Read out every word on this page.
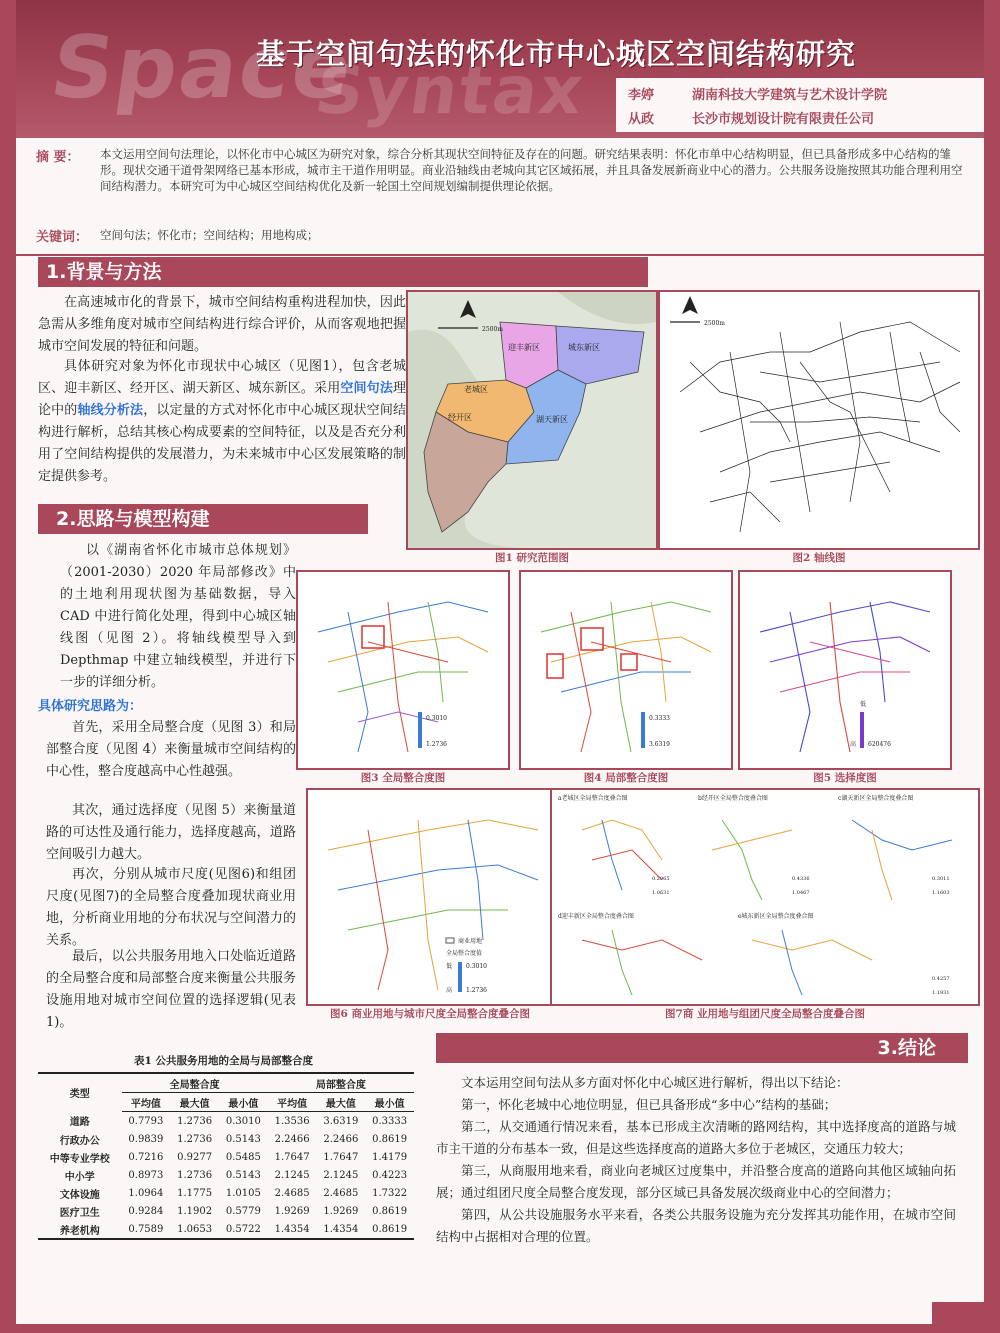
Space
Syntax
基于空间句法的怀化市中心城区空间结构研究
李婷	湖南科技大学建筑与艺术设计学院
从政	长沙市规划设计院有限责任公司
摘 要： 本文运用空间句法理论，以怀化市中心城区为研究对象，综合分析其现状空间特征及存在的问题。研究结果表明：怀化市单中心结构明显，但已具备形成多中心结构的雏形。现状交通干道骨架网络已基本形成，城市主干道作用明显。商业沿轴线由老城向其它区域拓展，并且具备发展新商业中心的潜力。公共服务设施按照其功能合理利用空间结构潜力。本研究可为中心城区空间结构优化及新一轮国土空间规划编制提供理论依据。
关键词： 空间句法；怀化市；空间结构；用地构成；
1.背景与方法
在高速城市化的背景下，城市空间结构重构进程加快，因此急需从多维角度对城市空间结构进行综合评价，从而客观地把握城市空间发展的特征和问题。
具体研究对象为怀化市现状中心城区（见图1），包含老城区、迎丰新区、经开区、湖天新区、城东新区。采用空间句法理论中的轴线分析法，以定量的方式对怀化市中心城区现状空间结构进行解析，总结其核心构成要素的空间特征，以及是否充分利用了空间结构提供的发展潜力，为未来城市中心区发展策略的制定提供参考。
迎丰新区	城东新区
老城区
经开区	湖天新区
2500m
图1 研究范围图
2500m
图2 轴线图
2.思路与模型构建
以《湖南省怀化市城市总体规划》（2001-2030）2020 年局部修改》中的土地利用现状图为基础数据，导入 CAD 中进行简化处理，得到中心城区轴线图（见图 2）。将轴线模型导入到 Depthmap 中建立轴线模型，并进行下一步的详细分析。
具体研究思路为：
首先，采用全局整合度（见图 3）和局部整合度（见图 4）来衡量城市空间结构的中心性，整合度越高中心性越强。
其次，通过选择度（见图 5）来衡量道路的可达性及通行能力，选择度越高，道路空间吸引力越大。
再次，分别从城市尺度(见图6)和组团尺度(见图7)的全局整合度叠加现状商业用地，分析商业用地的分布状况与空间潜力的关系。
最后，以公共服务用地入口处临近道路的全局整合度和局部整合度来衡量公共服务设施用地对城市空间位置的选择逻辑(见表1)。
0.3010
1.2736
图3 全局整合度图
0.3333
3.6319
图4 局部整合度图
低
620476
高
图5 选择度图
商业用地
全局整合度值
低 0.3010
高 1.2736
图6 商业用地与城市尺度全局整合度叠合图
a老城区全局整合度叠合图	b经开区全局整合度叠合图	c湖天新区全局整合度叠合图
d迎丰新区全局整合度叠合图	e城东新区全局整合度叠合图
0.2965
1.0631
0.4336
1.0467
0.3011
1.1603
0.4257
1.1931
图7商 业用地与组团尺度全局整合度叠合图
表1 公共服务用地的全局与局部整合度
类型	全局整合度			局部整合度		
	平均值	最大值	最小值	平均值	最大值	最小值
道路	0.7793	1.2736	0.3010	1.3536	3.6319	0.3333
行政办公	0.9839	1.2736	0.5143	2.2466	2.2466	0.8619
中等专业学校	0.7216	0.9277	0.5485	1.7647	1.7647	1.4179
中小学	0.8973	1.2736	0.5143	2.1245	2.1245	0.4223
文体设施	1.0964	1.1775	1.0105	2.4685	2.4685	1.7322
医疗卫生	0.9284	1.1902	0.5779	1.9269	1.9269	0.8619
养老机构	0.7589	1.0653	0.5722	1.4354	1.4354	0.8619
3.结论
文本运用空间句法从多方面对怀化中心城区进行解析，得出以下结论：
第一，怀化老城中心地位明显，但已具备形成“多中心”结构的基础；
第二，从交通通行情况来看，基本已形成主次清晰的路网结构，其中选择度高的道路与城市主干道的分布基本一致，但是这些选择度高的道路大多位于老城区，交通压力较大；
第三，从商服用地来看，商业向老城区过度集中，并沿整合度高的道路向其他区域轴向拓展；通过组团尺度全局整合度发现，部分区域已具备发展次级商业中心的空间潜力；
第四，从公共设施服务水平来看，各类公共服务设施为充分发挥其功能作用，在城市空间结构中占据相对合理的位置。
